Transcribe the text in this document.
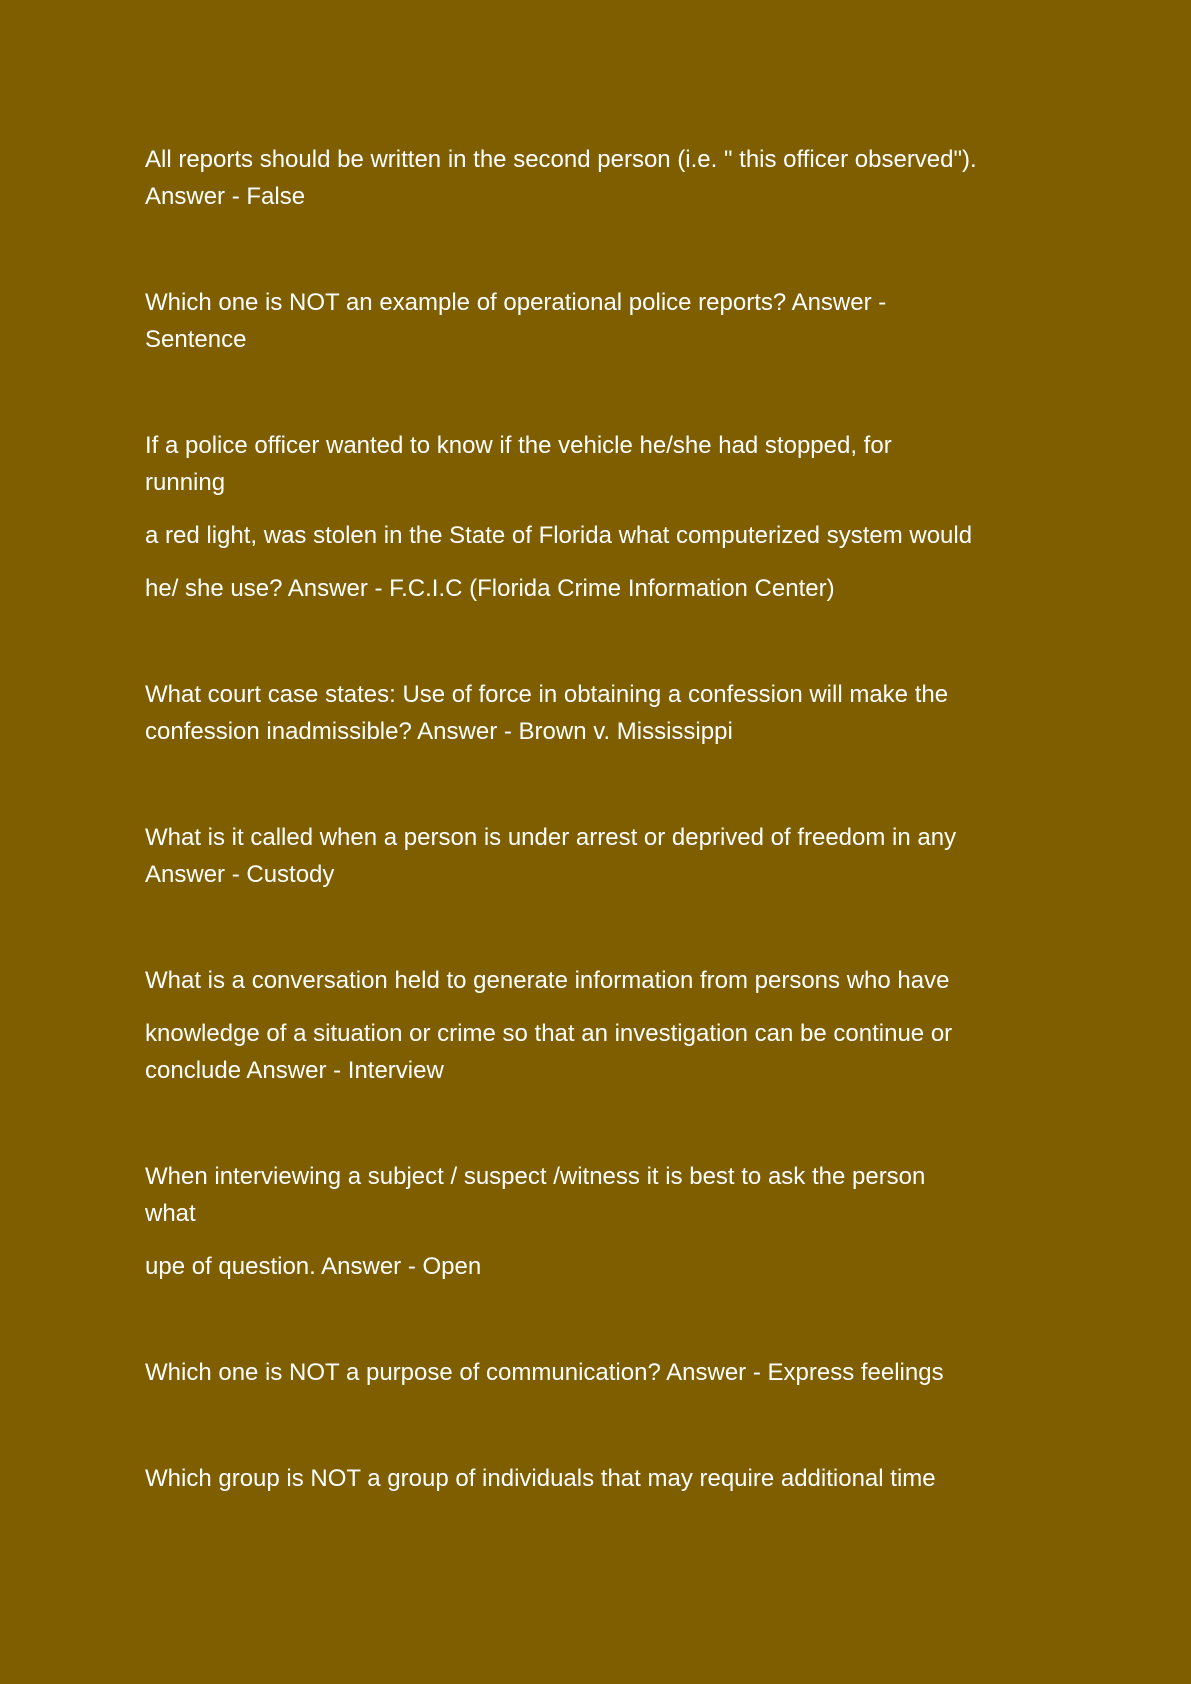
All reports should be written in the second person (i.e. " this officer observed").
Answer - False
Which one is NOT an example of operational police reports? Answer -
Sentence
If a police officer wanted to know if the vehicle he/she had stopped, for
running
a red light, was stolen in the State of Florida what computerized system would
he/ she use? Answer - F.C.I.C (Florida Crime Information Center)
What court case states: Use of force in obtaining a confession will make the
confession inadmissible? Answer - Brown v. Mississippi
What is it called when a person is under arrest or deprived of freedom in any
Answer - Custody
What is a conversation held to generate information from persons who have
knowledge of a situation or crime so that an investigation can be continue or
conclude Answer - Interview
When interviewing a subject / suspect /witness it is best to ask the person
what
upe of question. Answer - Open
Which one is NOT a purpose of communication? Answer - Express feelings
Which group is NOT a group of individuals that may require additional time
